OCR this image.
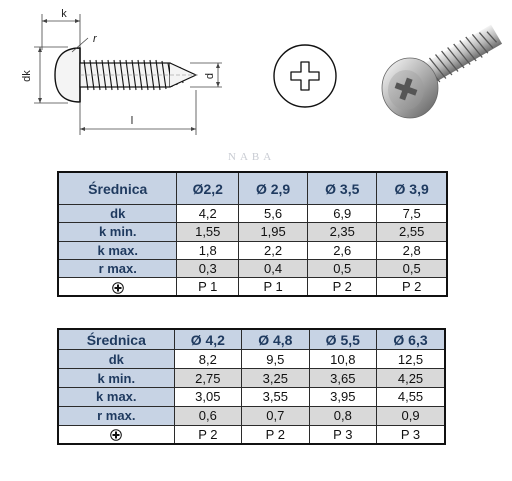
k
dk
r
d
l
NABA
Średnica	Ø2,2	Ø 2,9	Ø 3,5	Ø 3,9
dk	4,2	5,6	6,9	7,5
k min.	1,55	1,95	2,35	2,55
k max.	1,8	2,2	2,6	2,8
r max.	0,3	0,4	0,5	0,5
	P 1	P 1	P 2	P 2
Średnica	Ø 4,2	Ø 4,8	Ø 5,5	Ø 6,3
dk	8,2	9,5	10,8	12,5
k min.	2,75	3,25	3,65	4,25
k max.	3,05	3,55	3,95	4,55
r max.	0,6	0,7	0,8	0,9
	P 2	P 2	P 3	P 3
